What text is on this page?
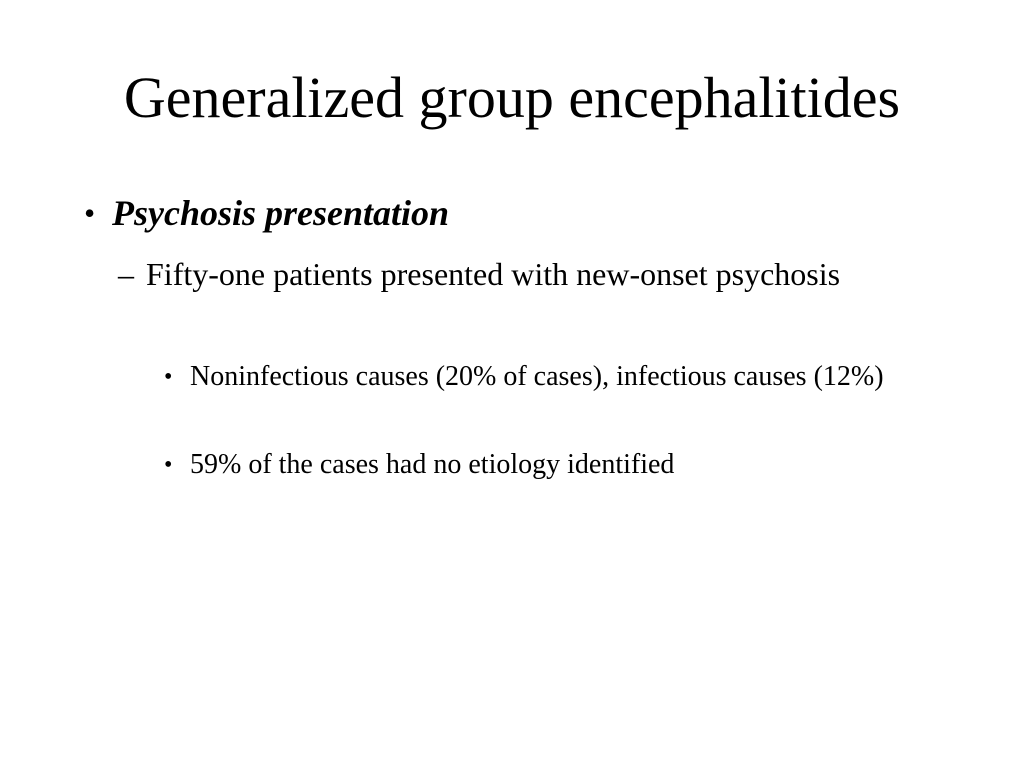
Generalized group encephalitides
• Psychosis presentation
– Fifty-one patients presented with new-onset psychosis
• Noninfectious causes (20% of cases), infectious causes (12%)
• 59% of the cases had no etiology identified
